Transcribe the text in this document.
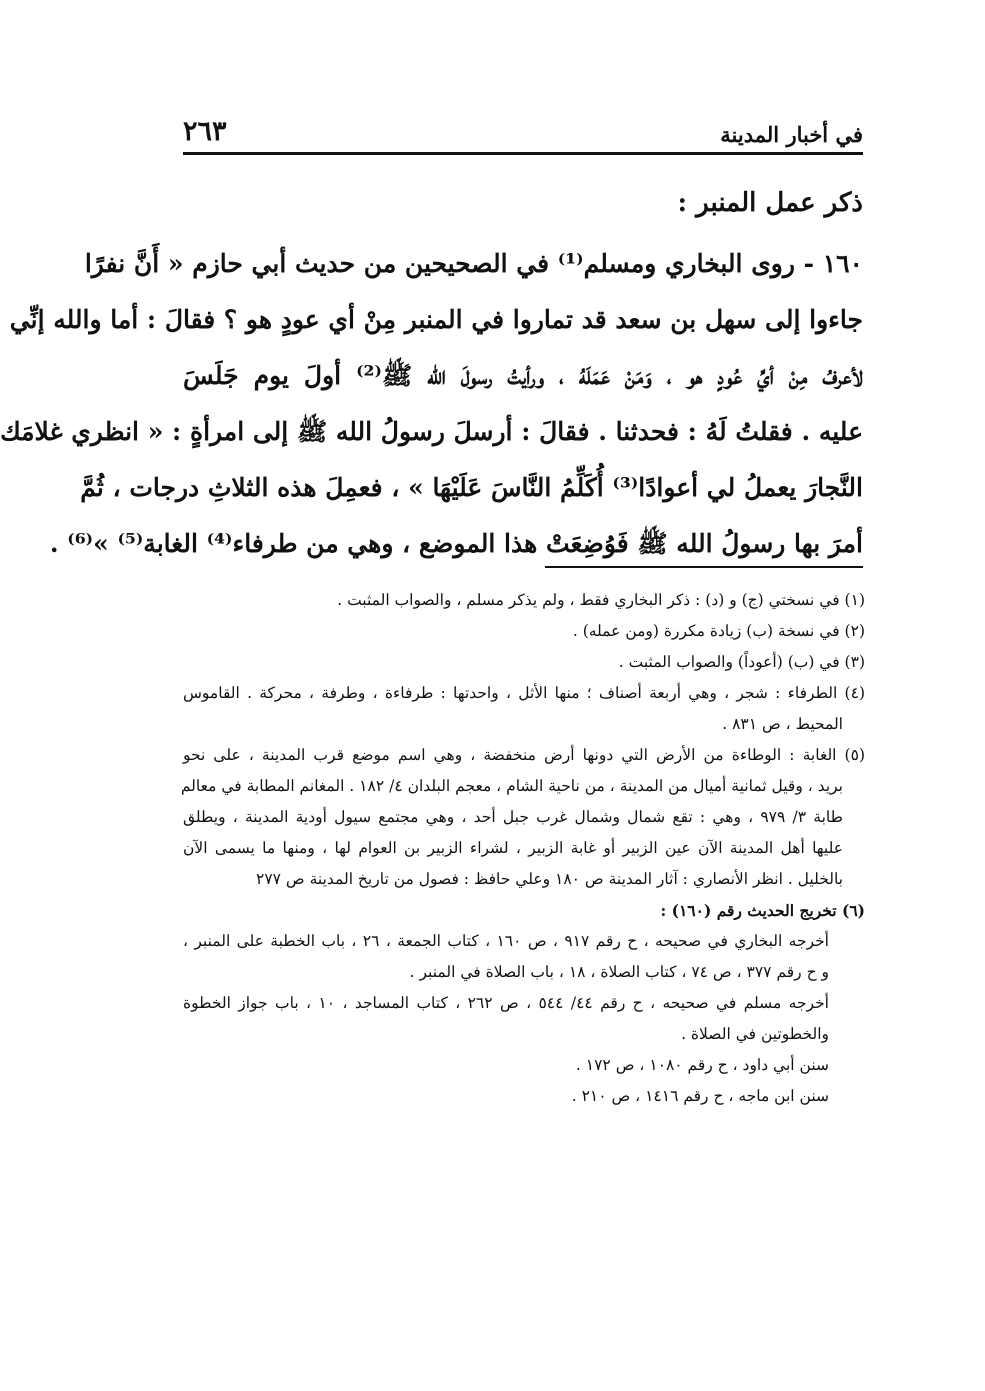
في أخبار المدينة
٢٦٣
ذكر عمل المنبر :
١٦٠ - روى البخاري ومسلم⁽¹⁾ في الصحيحين من حديث أبي حازم « أَنَّ نفرًا
جاءوا إلى سهل بن سعد قد تماروا في المنبر مِنْ أي عودٍ هو ؟ فقالَ : أما والله إنِّي
لأعرفُ مِنْ أيِّ عُودٍ هو ، وَمَنْ عَمَلَهُ ، ورأيتُ رسولَ الله ﷺ⁽²⁾ أولَ يوم جَلَسَ
عليه . فقلتُ لَهُ : فحدثنا . فقالَ : أرسلَ رسولُ الله ﷺ إلى امرأةٍ : « انظري غلامَك
النَّجارَ يعملُ لي أعوادًا⁽³⁾ أُكَلِّمُ النَّاسَ عَلَيْهَا » ، فعمِلَ هذه الثلاثِ درجات ، ثُمَّ
أمرَ بها رسولُ الله ﷺ فَوُضِعَتْ هذا الموضع ، وهي من طرفاء⁽⁴⁾ الغابة⁽⁵⁾ »⁽⁶⁾ .
(١) في نسختي (ج) و (د) : ذكر البخاري فقط ، ولم يذكر مسلم ، والصواب المثبت .
(٢) في نسخة (ب) زيادة مكررة (ومن عمله) .
(٣) في (ب) (أعوداً) والصواب المثبت .
(٤) الطرفاء : شجر ، وهي أربعة أصناف ؛ منها الأثل ، واحدتها : طرفاءة ، وطرفة ، محركة . القاموس
المحيط ، ص ٨٣١ .
(٥) الغابة : الوطاءة من الأرض التي دونها أرض منخفضة ، وهي اسم موضع قرب المدينة ، على نحو
بريد ، وقيل ثمانية أميال من المدينة ، من ناحية الشام ، معجم البلدان ٤/ ١٨٢ . المغانم المطابة في معالم
طابة ٣/ ٩٧٩ ، وهي : تقع شمال وشمال غرب جبل أحد ، وهي مجتمع سيول أودية المدينة ، ويطلق
عليها أهل المدينة الآن عين الزبير أو غابة الزبير ، لشراء الزبير بن العوام لها ، ومنها ما يسمى الآن
بالخليل . انظر الأنصاري : آثار المدينة ص ١٨٠ وعلي حافظ : فصول من تاريخ المدينة ص ٢٧٧
(٦) تخريج الحديث رقم (١٦٠) :
أخرجه البخاري في صحيحه ، ح رقم ٩١٧ ، ص ١٦٠ ، كتاب الجمعة ، ٢٦ ، باب الخطبة على المنبر ،
و ح رقم ٣٧٧ ، ص ٧٤ ، كتاب الصلاة ، ١٨ ، باب الصلاة في المنبر .
أخرجه مسلم في صحيحه ، ح رقم ٤٤/ ٥٤٤ ، ص ٢٦٢ ، كتاب المساجد ، ١٠ ، باب جواز الخطوة
والخطوتين في الصلاة .
سنن أبي داود ، ح رقم ١٠٨٠ ، ص ١٧٢ .
سنن ابن ماجه ، ح رقم ١٤١٦ ، ص ٢١٠ .
